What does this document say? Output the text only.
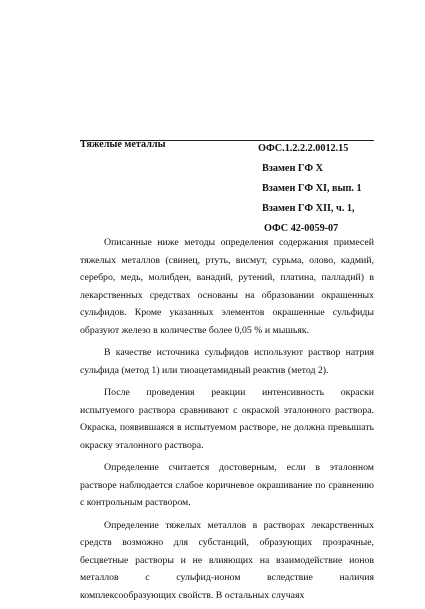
Тяжелые металлы	ОФС.1.2.2.2.0012.15
Взамен ГФ X
Взамен ГФ XI, вып. 1
Взамен ГФ XII, ч. 1,
ОФС 42-0059-07

Описанные ниже методы определения содержания примесей тяжелых металлов (свинец, ртуть, висмут, сурьма, олово, кадмий, серебро, медь, молибден, ванадий, рутений, платина, палладий) в лекарственных средствах основаны на образовании окрашенных сульфидов. Кроме указанных элементов окрашенные сульфиды образуют железо в количестве более 0,05 % и мышьяк.

В качестве источника сульфидов используют раствор натрия сульфида (метод 1) или тиоацетамидный реактив (метод 2).

После проведения реакции интенсивность окраски испытуемого раствора сравнивают с окраской эталонного раствора. Окраска, появившаяся в испытуемом растворе, не должна превышать окраску эталонного раствора.

Определение считается достоверным, если в эталонном растворе наблюдается слабое коричневое окрашивание по сравнению с контрольным раствором.

Определение тяжелых металлов в растворах лекарственных средств возможно для субстанций, образующих прозрачные, бесцветные растворы и не влияющих на взаимодействие ионов металлов с сульфид-ионом вследствие наличия комплексообразующих свойств. В остальных случаях
